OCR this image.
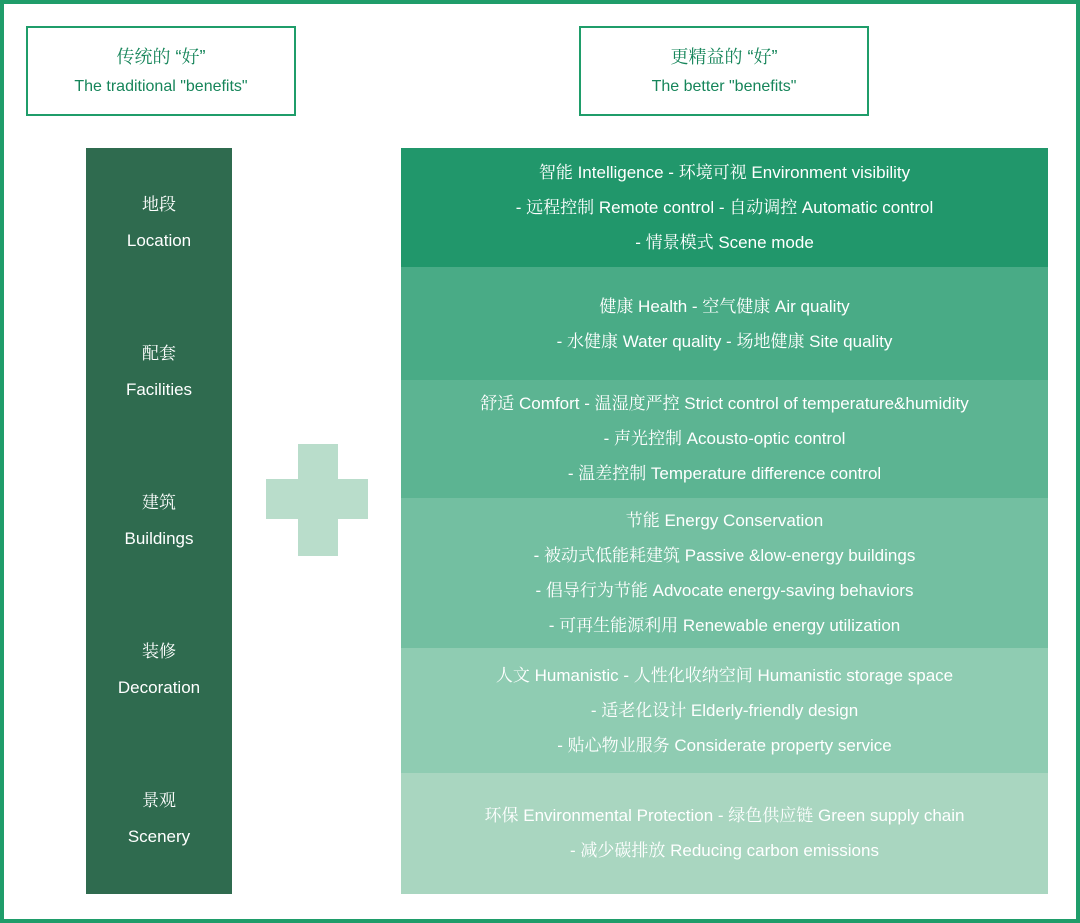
传统的 “好”
The traditional "benefits"
更精益的 “好”
The better "benefits"
地段
Location
配套
Facilities
建筑
Buildings
装修
Decoration
景观
Scenery
智能 Intelligence - 环境可视 Environment visibility
- 远程控制 Remote control - 自动调控 Automatic control
- 情景模式 Scene mode
健康 Health - 空气健康 Air quality
- 水健康 Water quality - 场地健康 Site quality
舒适 Comfort - 温湿度严控 Strict control of temperature&humidity
- 声光控制 Acousto-optic control
- 温差控制 Temperature difference control
节能 Energy Conservation
- 被动式低能耗建筑 Passive &low-energy buildings
- 倡导行为节能 Advocate energy-saving behaviors
- 可再生能源利用 Renewable energy utilization
人文 Humanistic - 人性化收纳空间 Humanistic storage space
- 适老化设计 Elderly-friendly design
- 贴心物业服务 Considerate property service
环保 Environmental Protection - 绿色供应链 Green supply chain
- 减少碳排放 Reducing carbon emissions
